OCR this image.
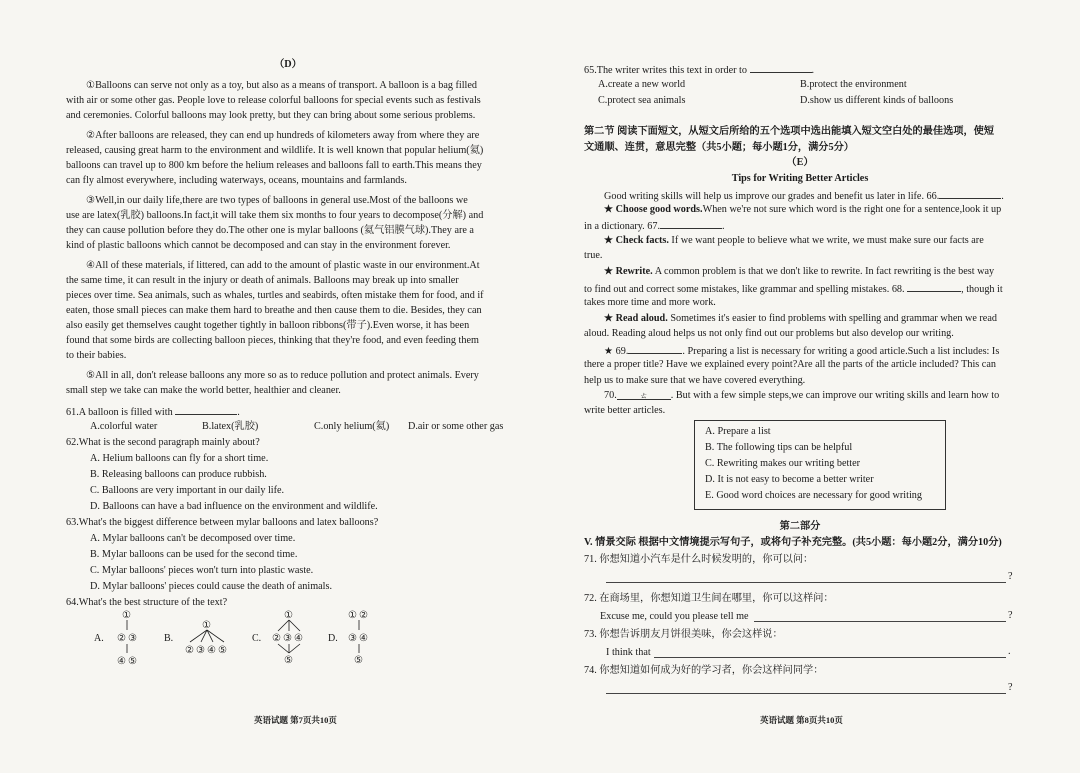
（D）
①Balloons can serve not only as a toy, but also as a means of transport. A balloon is a bag filled
with air or some other gas. People love to release colorful balloons for special events such as festivals
and ceremonies. Colorful balloons may look pretty, but they can bring about some serious problems.
②After balloons are released, they can end up hundreds of kilometers away from where they are
released, causing great harm to the environment and wildlife. It is well known that popular helium(氦)
balloons can travel up to 800 km before the helium releases and balloons fall to earth.This means they
can fly almost everywhere, including waterways, oceans, mountains and farmlands.
③Well,in our daily life,there are two types of balloons in general use.Most of the balloons we
use are latex(乳胶) balloons.In fact,it will take them six months to four years to decompose(分解) and
they can cause pollution before they do.The other one is mylar balloons (氦气铝膜气球).They are a
kind of plastic balloons which cannot be decomposed and can stay in the environment forever.
④All of these materials, if littered, can add to the amount of plastic waste in our environment.At
the same time, it can result in the injury or death of animals. Balloons may break up into smaller
pieces over time. Sea animals, such as whales, turtles and seabirds, often mistake them for food, and if
eaten, those small pieces can make them hard to breathe and then cause them to die. Besides, they can
also easily get themselves caught together tightly in balloon ribbons(带子).Even worse, it has been
found that some birds are collecting balloon pieces, thinking that they're food, and even feeding them
to their babies.
⑤All in all, don't release balloons any more so as to reduce pollution and protect animals. Every
small step we take can make the world better, healthier and cleaner.
61.A balloon is filled with	.
A.colorful water	B.latex(乳胶)	C.only helium(氦) D.air or some other gas
62.What is the second paragraph mainly about?
A. Helium balloons can fly for a short time.
B. Releasing balloons can produce rubbish.
C. Balloons are very important in our daily life.
D. Balloons can have a bad influence on the environment and wildlife.
63.What's the biggest difference between mylar balloons and latex balloons?
A. Mylar balloons can't be decomposed over time.
B. Mylar balloons can be used for the second time.
C. Mylar balloons' pieces won't turn into plastic waste.
D. Mylar balloons' pieces could cause the death of animals.
64.What's the best structure of the text?
A.
①
② ③
④ ⑤
B.
①
② ③ ④ ⑤
C.
①
② ③ ④
⑤
D.
① ②
③ ④
⑤
英语试题 第7页共10页
65.The writer writes this text in order to	.
A.create a new world	B.protect the environment
C.protect sea animals	D.show us different kinds of balloons
第二节 阅读下面短文，从短文后所给的五个选项中选出能填入短文空白处的最佳选项，使短
文通顺、连贯，意思完整（共5小题；每小题1分，满分5分）
（E）
Tips for Writing Better Articles
Good writing skills will help us improve our grades and benefit us later in life. 66.	.
★ Choose good words.When we're not sure which word is the right one for a sentence,look it up
in a dictionary. 67.	.
★ Check facts. If we want people to believe what we write, we must make sure our facts are
true.
★ Rewrite. A common problem is that we don't like to rewrite. In fact rewriting is the best way
to find out and correct some mistakes, like grammar and spelling mistakes. 68.	, though it
takes more time and more work.
★ Read aloud. Sometimes it's easier to find problems with spelling and grammar when we read
aloud. Reading aloud helps us not only find out our problems but also develop our writing.
★ 69.	. Preparing a list is necessary for writing a good article.Such a list includes: Is
there a proper title? Have we explained every point?Are all the parts of the article included? This can
help us to make sure that we have covered everything.
70.	ㄊ . But with a few simple steps,we can improve our writing skills and learn how to
write better articles.
A. Prepare a list
B. The following tips can be helpful
C. Rewriting makes our writing better
D. It is not easy to become a better writer
E. Good word choices are necessary for good writing
第二部分
V. 情景交际 根据中文情境提示写句子，或将句子补充完整。(共5小题：每小题2分，满分10分)
71. 你想知道小汽车是什么时候发明的，你可以问：
?
72. 在商场里，你想知道卫生间在哪里，你可以这样问：
Excuse me, could you please tell me	?
73. 你想告诉朋友月饼很美味，你会这样说：
I think that	.
74. 你想知道如何成为好的学习者，你会这样问同学：
?
英语试题 第8页共10页
